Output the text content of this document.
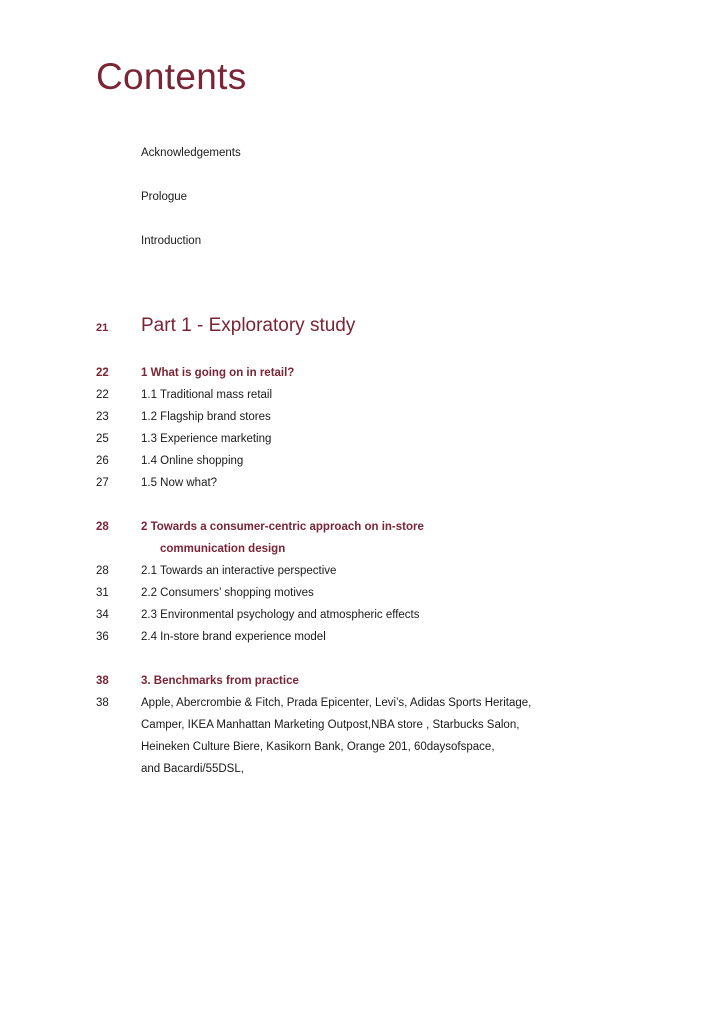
Contents
Acknowledgements
Prologue
Introduction
21 Part 1 - Exploratory study
22	1 What is going on in retail?
22	1.1 Traditional mass retail
23	1.2 Flagship brand stores
25	1.3 Experience marketing
26	1.4 Online shopping
27	1.5 Now what?
28	2 Towards a consumer-centric approach on in-store
communication design
28	2.1 Towards an interactive perspective
31	2.2 Consumers’ shopping motives
34	2.3 Environmental psychology and atmospheric effects
36	2.4 In-store brand experience model
38	3. Benchmarks from practice
38	Apple, Abercrombie & Fitch, Prada Epicenter, Levi’s, Adidas Sports Heritage,
Camper, IKEA Manhattan Marketing Outpost,NBA store , Starbucks Salon,
Heineken Culture Biere, Kasikorn Bank, Orange 201, 60daysofspace,
and Bacardi/55DSL,
